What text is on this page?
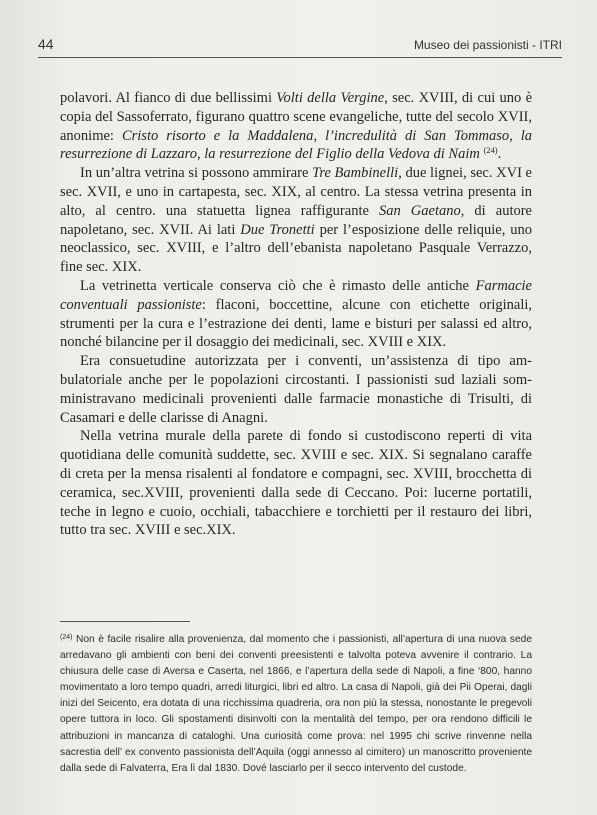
44	Museo dei passionisti - ITRI

polavori. Al fianco di due bellissimi Volti della Vergine, sec. XVIII, di cui uno è copia del Sassoferrato, figurano quattro scene evangeliche, tutte del secolo XVII, anonime: Cristo risorto e la Maddalena, l’incredulità di San Tommaso, la resurrezione di Lazzaro, la resurrezione del Figlio della Vedova di Naim $^{(24)}$.

In un’altra vetrina si possono ammirare Tre Bambinelli, due lignei, sec. XVI e sec. XVII, e uno in cartapesta, sec. XIX, al centro. La stessa vetrina presenta in alto, al centro. una statuetta lignea raffigurante San Gaetano, di autore napoletano, sec. XVII. Ai lati Due Tronetti per l’esposizione delle reliquie, uno neoclassico, sec. XVIII, e l’altro dell’ebanista napoletano Pasquale Verrazzo, fine sec. XIX.

La vetrinetta verticale conserva ciò che è rimasto delle antiche Farmacie conventuali passioniste: flaconi, boccettine, alcune con etichette originali, strumenti per la cura e l’estrazione dei denti, lame e bisturi per salassi ed altro, nonché bilancine per il dosaggio dei medicinali, sec. XVIII e XIX.

Era consuetudine autorizzata per i conventi, un’assistenza di tipo ambulatoriale anche per le popolazioni circostanti. I passionisti sud laziali somministravano medicinali provenienti dalle farmacie monastiche di Trisulti, di Casamari e delle clarisse di Anagni.

Nella vetrina murale della parete di fondo si custodiscono reperti di vita quotidiana delle comunità suddette, sec. XVIII e sec. XIX. Si segnalano caraffe di creta per la mensa risalenti al fondatore e compagni, sec. XVIII, brocchetta di ceramica, sec.XVIII, provenienti dalla sede di Ceccano. Poi: lucerne portatili, teche in legno e cuoio, occhiali, tabacchiere e torchietti per il restauro dei libri, tutto tra sec. XVIII e sec.XIX.

$^{(24)}$ Non è facile risalire alla provenienza, dal momento che i passionisti, all’apertura di una nuova sede arredavano gli ambienti con beni dei conventi preesistenti e talvolta poteva avvenire il contrario. La chiusura delle case di Aversa e Caserta, nel 1866, e l’apertura della sede di Napoli, a fine ‘800, hanno movimentato a loro tempo quadri, arredi liturgici, libri ed altro. La casa di Napoli, già dei Pii Operai, dagli inizi del Seicento, era dotata di una ricchissima quadreria, ora non più la stessa, nonostante le pregevoli opere tuttora in loco. Gli spostamenti disinvolti con la mentalità del tempo, per ora rendono difficili le attribuzioni in mancanza di cataloghi. Una curiosità come prova: nel 1995 chi scrive rinvenne nella sacrestia dell’ ex convento passionista dell’Aquila (oggi annesso al cimitero) un manoscritto proveniente dalla sede di Falvaterra, Era lì dal 1830. Dové lasciarlo per il secco intervento del custode.
